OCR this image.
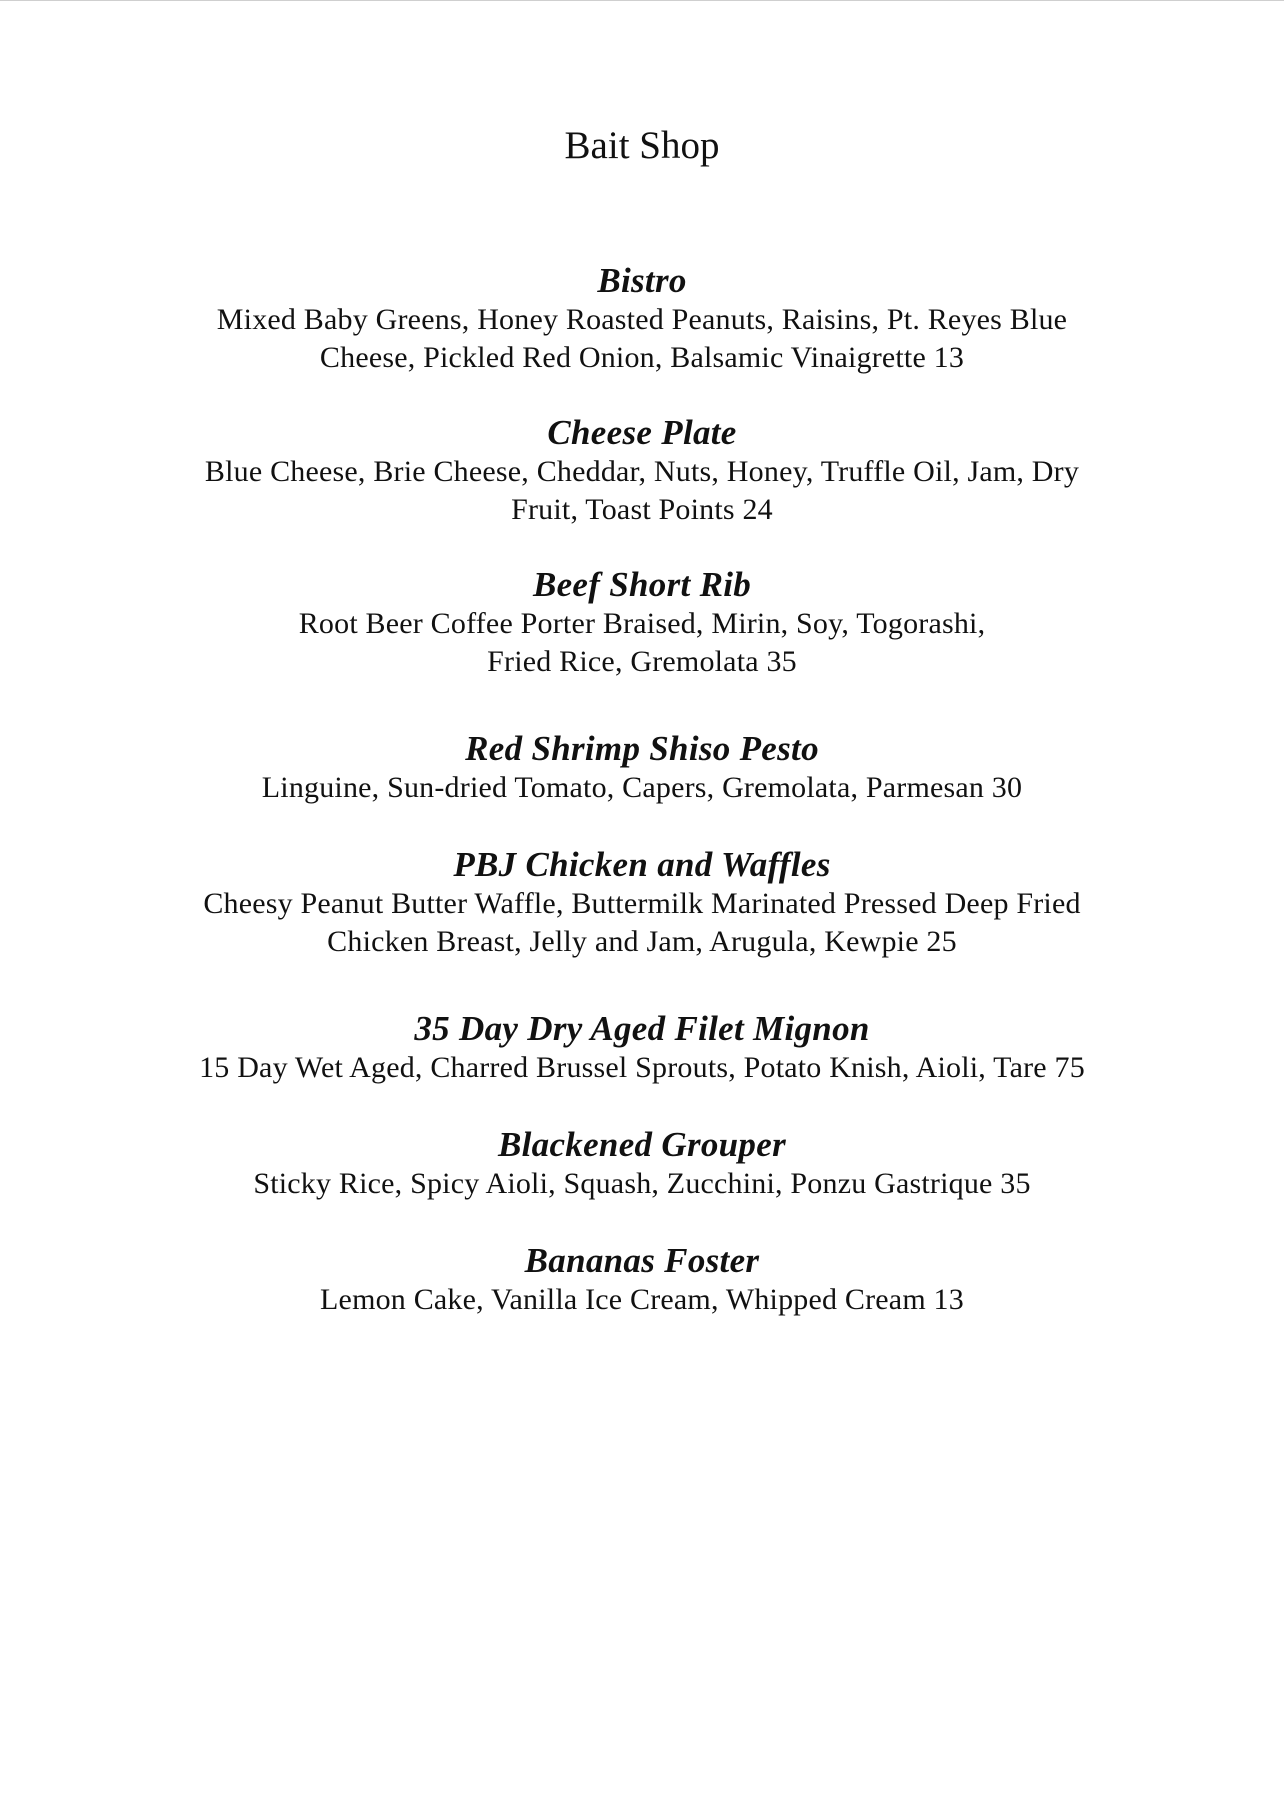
Bait Shop
Bistro
Mixed Baby Greens, Honey Roasted Peanuts, Raisins, Pt. Reyes Blue
Cheese, Pickled Red Onion, Balsamic Vinaigrette 13
Cheese Plate
Blue Cheese, Brie Cheese, Cheddar, Nuts, Honey, Truffle Oil, Jam, Dry
Fruit, Toast Points 24
Beef Short Rib
Root Beer Coffee Porter Braised, Mirin, Soy, Togorashi,
Fried Rice, Gremolata 35
Red Shrimp Shiso Pesto
Linguine, Sun-dried Tomato, Capers, Gremolata, Parmesan 30
PBJ Chicken and Waffles
Cheesy Peanut Butter Waffle, Buttermilk Marinated Pressed Deep Fried
Chicken Breast, Jelly and Jam, Arugula, Kewpie 25
35 Day Dry Aged Filet Mignon
15 Day Wet Aged, Charred Brussel Sprouts, Potato Knish, Aioli, Tare 75
Blackened Grouper
Sticky Rice, Spicy Aioli, Squash, Zucchini, Ponzu Gastrique 35
Bananas Foster
Lemon Cake, Vanilla Ice Cream, Whipped Cream 13
